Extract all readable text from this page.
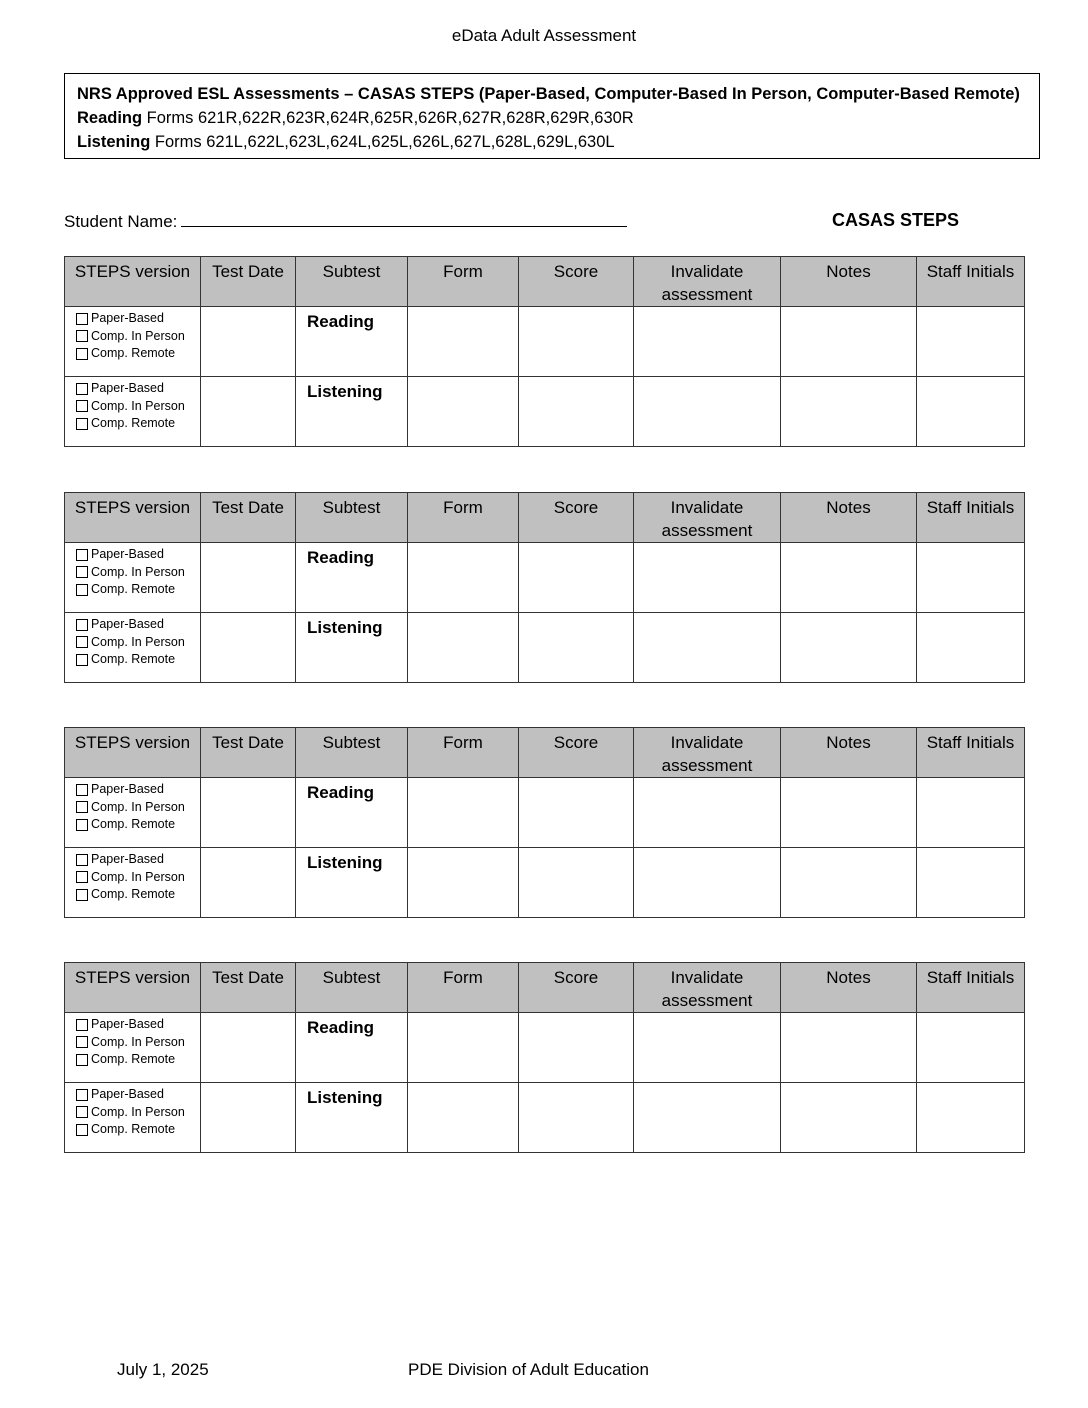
eData Adult Assessment
NRS Approved ESL Assessments – CASAS STEPS (Paper-Based, Computer-Based In Person, Computer-Based Remote)
Reading Forms 621R,622R,623R,624R,625R,626R,627R,628R,629R,630R
Listening Forms 621L,622L,623L,624L,625L,626L,627L,628L,629L,630L
Student Name:	CASAS STEPS
STEPS version	Test Date	Subtest	Form	Score	Invalidate assessment	Notes	Staff Initials

Paper-Based
Comp. In Person
Comp. Remote		Reading					

Paper-Based
Comp. In Person
Comp. Remote		Listening					

STEPS version	Test Date	Subtest	Form	Score	Invalidate assessment	Notes	Staff Initials

Paper-Based
Comp. In Person
Comp. Remote		Reading					

Paper-Based
Comp. In Person
Comp. Remote		Listening					

STEPS version	Test Date	Subtest	Form	Score	Invalidate assessment	Notes	Staff Initials

Paper-Based
Comp. In Person
Comp. Remote		Reading					

Paper-Based
Comp. In Person
Comp. Remote		Listening					

STEPS version	Test Date	Subtest	Form	Score	Invalidate assessment	Notes	Staff Initials

Paper-Based
Comp. In Person
Comp. Remote		Reading					

Paper-Based
Comp. In Person
Comp. Remote		Listening					

July 1, 2025	PDE Division of Adult Education
